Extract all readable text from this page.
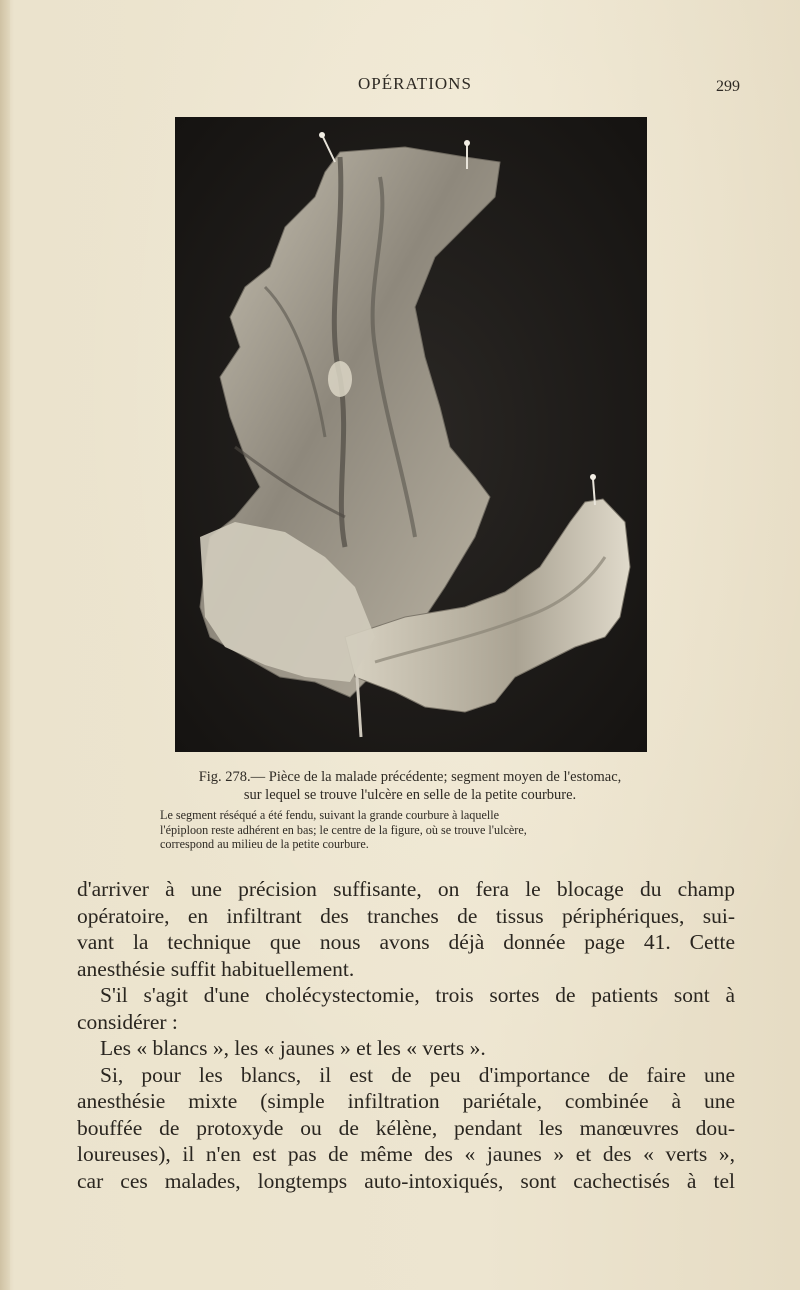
OPÉRATIONS	299

Fig. 278.— Pièce de la malade précédente; segment moyen de l'estomac,
sur lequel se trouve l'ulcère en selle de la petite courbure.

Le segment réséqué a été fendu, suivant la grande courbure à laquelle
l'épiploon reste adhérent en bas; le centre de la figure, où se trouve l'ulcère,
correspond au milieu de la petite courbure.

d'arriver à une précision suffisante, on fera le blocage du champ
opératoire, en infiltrant des tranches de tissus périphériques, sui-
vant la technique que nous avons déjà donnée page 41. Cette
anesthésie suffit habituellement.
S'il s'agit d'une cholécystectomie, trois sortes de patients sont à
considérer :
Les « blancs », les « jaunes » et les « verts ».
Si, pour les blancs, il est de peu d'importance de faire une
anesthésie mixte (simple infiltration pariétale, combinée à une
bouffée de protoxyde ou de kélène, pendant les manœuvres dou-
loureuses), il n'en est pas de même des « jaunes » et des « verts »,
car ces malades, longtemps auto-intoxiqués, sont cachectisés à tel
